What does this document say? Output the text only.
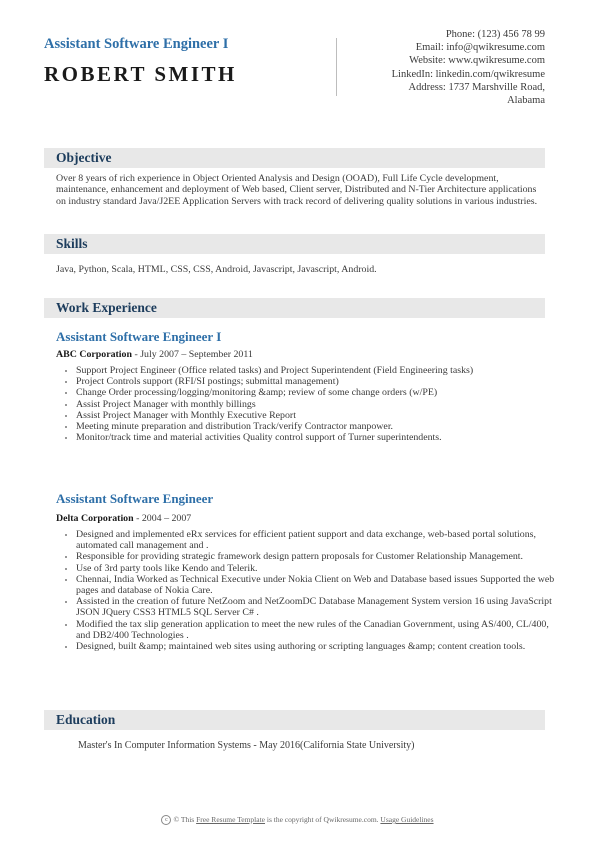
Assistant Software Engineer I
ROBERT SMITH
Phone: (123) 456 78 99
Email: info@qwikresume.com
Website: www.qwikresume.com
LinkedIn: linkedin.com/qwikresume
Address: 1737 Marshville Road,
Alabama
Objective
Over 8 years of rich experience in Object Oriented Analysis and Design (OOAD), Full Life Cycle development, maintenance, enhancement and deployment of Web based, Client server, Distributed and N-Tier Architecture applications on industry standard Java/J2EE Application Servers with track record of delivering quality solutions in various industries.
Skills
Java, Python, Scala, HTML, CSS, CSS, Android, Javascript, Javascript, Android.
Work Experience
Assistant Software Engineer I
ABC Corporation - July 2007 – September 2011
• Support Project Engineer (Office related tasks) and Project Superintendent (Field Engineering tasks)
• Project Controls support (RFI/SI postings; submittal management)
• Change Order processing/logging/monitoring &amp; review of some change orders (w/PE)
• Assist Project Manager with monthly billings
• Assist Project Manager with Monthly Executive Report
• Meeting minute preparation and distribution Track/verify Contractor manpower.
• Monitor/track time and material activities Quality control support of Turner superintendents.
Assistant Software Engineer
Delta Corporation - 2004 – 2007
• Designed and implemented eRx services for efficient patient support and data exchange, web-based portal solutions, automated call management and .
• Responsible for providing strategic framework design pattern proposals for Customer Relationship Management.
• Use of 3rd party tools like Kendo and Telerik.
• Chennai, India Worked as Technical Executive under Nokia Client on Web and Database based issues Supported the web pages and database of Nokia Care.
• Assisted in the creation of future NetZoom and NetZoomDC Database Management System version 16 using JavaScript JSON JQuery CSS3 HTML5 SQL Server C# .
• Modified the tax slip generation application to meet the new rules of the Canadian Government, using AS/400, CL/400, and DB2/400 Technologies .
• Designed, built &amp; maintained web sites using authoring or scripting languages &amp; content creation tools.
Education
Master's In Computer Information Systems - May 2016(California State University)
c © This Free Resume Template is the copyright of Qwikresume.com. Usage Guidelines
